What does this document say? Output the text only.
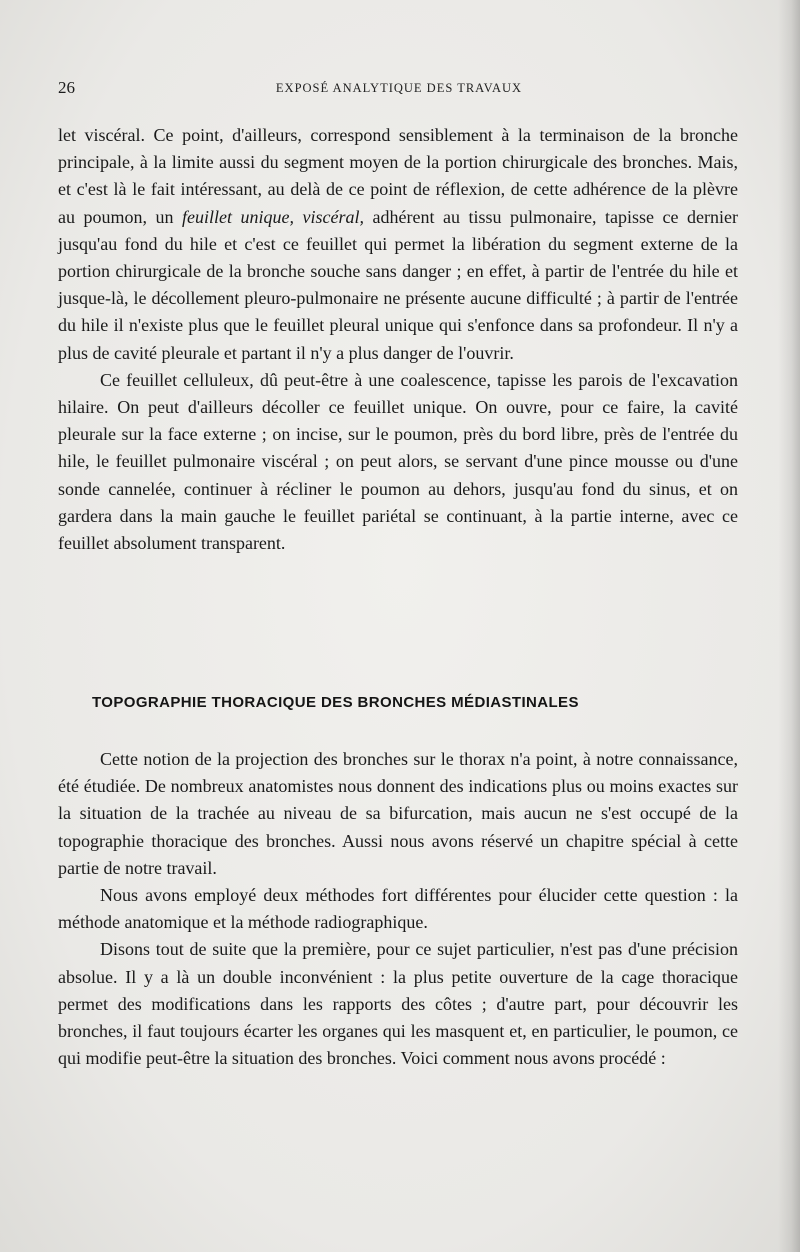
26	EXPOSÉ ANALYTIQUE DES TRAVAUX

let viscéral. Ce point, d'ailleurs, correspond sensiblement à la terminaison de la bronche principale, à la limite aussi du segment moyen de la portion chirurgicale des bronches. Mais, et c'est là le fait intéressant, au delà de ce point de réflexion, de cette adhérence de la plèvre au poumon, un feuillet unique, viscéral, adhérent au tissu pulmonaire, tapisse ce dernier jusqu'au fond du hile et c'est ce feuillet qui permet la libération du segment externe de la portion chirurgicale de la bronche souche sans danger ; en effet, à partir de l'entrée du hile et jusque-là, le décollement pleuro-pulmonaire ne présente aucune difficulté ; à partir de l'entrée du hile il n'existe plus que le feuillet pleural unique qui s'enfonce dans sa profondeur. Il n'y a plus de cavité pleurale et partant il n'y a plus danger de l'ouvrir.

Ce feuillet celluleux, dû peut-être à une coalescence, tapisse les parois de l'excavation hilaire. On peut d'ailleurs décoller ce feuillet unique. On ouvre, pour ce faire, la cavité pleurale sur la face externe ; on incise, sur le poumon, près du bord libre, près de l'entrée du hile, le feuillet pulmonaire viscéral ; on peut alors, se servant d'une pince mousse ou d'une sonde cannelée, continuer à récliner le poumon au dehors, jusqu'au fond du sinus, et on gardera dans la main gauche le feuillet pariétal se continuant, à la partie interne, avec ce feuillet absolument transparent.

TOPOGRAPHIE THORACIQUE DES BRONCHES MÉDIASTINALES

Cette notion de la projection des bronches sur le thorax n'a point, à notre connaissance, été étudiée. De nombreux anatomistes nous donnent des indications plus ou moins exactes sur la situation de la trachée au niveau de sa bifurcation, mais aucun ne s'est occupé de la topographie thoracique des bronches. Aussi nous avons réservé un chapitre spécial à cette partie de notre travail.

Nous avons employé deux méthodes fort différentes pour élucider cette question : la méthode anatomique et la méthode radiographique.

Disons tout de suite que la première, pour ce sujet particulier, n'est pas d'une précision absolue. Il y a là un double inconvénient : la plus petite ouverture de la cage thoracique permet des modifications dans les rapports des côtes ; d'autre part, pour découvrir les bronches, il faut toujours écarter les organes qui les masquent et, en particulier, le poumon, ce qui modifie peut-être la situation des bronches. Voici comment nous avons procédé :
